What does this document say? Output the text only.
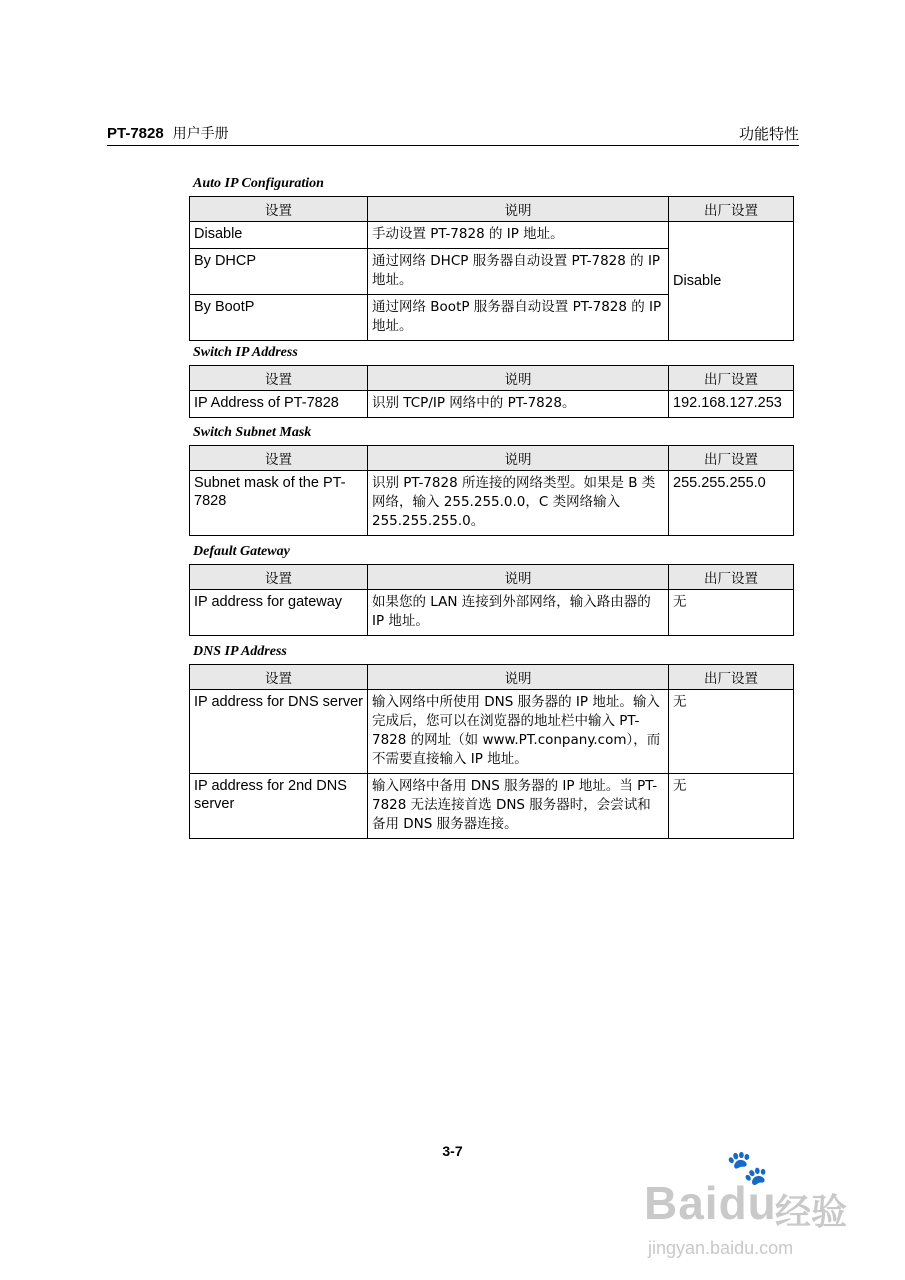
PT-7828 用户手册	功能特性
Auto IP Configuration
设置	说明	出厂设置
Disable	手动设置 PT-7828 的 IP 地址。	Disable
By DHCP	通过网络 DHCP 服务器自动设置 PT-7828 的 IP 地址。	
By BootP	通过网络 BootP 服务器自动设置 PT-7828 的 IP 地址。	
Switch IP Address
设置	说明	出厂设置
IP Address of PT-7828	识别 TCP/IP 网络中的 PT-7828。	192.168.127.253
Switch Subnet Mask
设置	说明	出厂设置
Subnet mask of the PT-7828	识别 PT-7828 所连接的网络类型。如果是 B 类网络，输入 255.255.0.0，C 类网络输入 255.255.255.0。	255.255.255.0
Default Gateway
设置	说明	出厂设置
IP address for gateway	如果您的 LAN 连接到外部网络，输入路由器的 IP 地址。	无
DNS IP Address
设置	说明	出厂设置
IP address for DNS server	输入网络中所使用 DNS 服务器的 IP 地址。输入完成后，您可以在浏览器的地址栏中输入 PT-7828 的网址（如 www.PT.conpany.com），而不需要直接输入 IP 地址。	无
IP address for 2nd DNS server	输入网络中备用 DNS 服务器的 IP 地址。当 PT-7828 无法连接首选 DNS 服务器时，会尝试和备用 DNS 服务器连接。	无
3-7	🐾
Baidu
经验
jingyan.baidu.com
